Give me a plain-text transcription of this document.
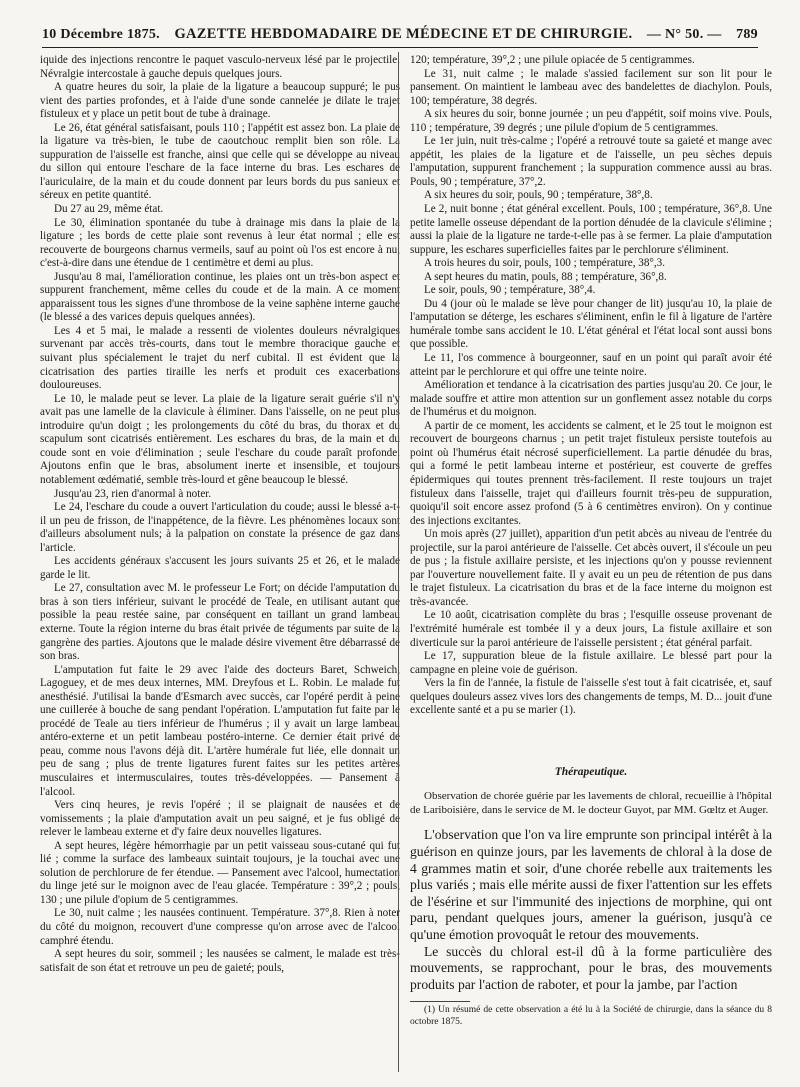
10 Décembre 1875. GAZETTE HEBDOMADAIRE DE MÉDECINE ET DE CHIRURGIE. — N° 50. — 789

iquide des injections rencontre le paquet vasculo-nerveux lésé par le projectile. Névralgie intercostale à gauche depuis quelques jours.

A quatre heures du soir, la plaie de la ligature a beaucoup suppuré; le pus vient des parties profondes, et à l'aide d'une sonde cannelée je dilate le trajet fistuleux et y place un petit bout de tube à drainage.

Le 26, état général satisfaisant, pouls 110 ; l'appétit est assez bon. La plaie de la ligature va très-bien, le tube de caoutchouc remplit bien son rôle. La suppuration de l'aisselle est franche, ainsi que celle qui se développe au niveau du sillon qui entoure l'eschare de la face interne du bras. Les eschares de l'auriculaire, de la main et du coude donnent par leurs bords du pus sanieux et séreux en petite quantité.

Du 27 au 29, même état.

Le 30, élimination spontanée du tube à drainage mis dans la plaie de la ligature ; les bords de cette plaie sont revenus à leur état normal ; elle est recouverte de bourgeons charnus vermeils, sauf au point où l'os est encore à nu, c'est-à-dire dans une étendue de 1 centimètre et demi au plus.

Jusqu'au 8 mai, l'amélioration continue, les plaies ont un très-bon aspect et suppurent franchement, même celles du coude et de la main. A ce moment apparaissent tous les signes d'une thrombose de la veine saphène interne gauche (le blessé a des varices depuis quelques années).

Les 4 et 5 mai, le malade a ressenti de violentes douleurs névralgiques survenant par accès très-courts, dans tout le membre thoracique gauche et suivant plus spécialement le trajet du nerf cubital. Il est évident que la cicatrisation des parties tiraille les nerfs et produit ces exacerbations douloureuses.

Le 10, le malade peut se lever. La plaie de la ligature serait guérie s'il n'y avait pas une lamelle de la clavicule à éliminer. Dans l'aisselle, on ne peut plus introduire qu'un doigt ; les prolongements du côté du bras, du thorax et du scapulum sont cicatrisés entièrement. Les eschares du bras, de la main et du coude sont en voie d'élimination ; seule l'eschare du coude paraît profonde. Ajoutons enfin que le bras, absolument inerte et insensible, et toujours notablement œdématié, semble très-lourd et gêne beaucoup le blessé.

Jusqu'au 23, rien d'anormal à noter.

Le 24, l'eschare du coude a ouvert l'articulation du coude; aussi le blessé a-t-il un peu de frisson, de l'inappétence, de la fièvre. Les phénomènes locaux sont d'ailleurs absolument nuls; à la palpation on constate la présence de gaz dans l'article.

Les accidents généraux s'accusent les jours suivants 25 et 26, et le malade garde le lit.

Le 27, consultation avec M. le professeur Le Fort; on décide l'amputation du bras à son tiers inférieur, suivant le procédé de Teale, en utilisant autant que possible la peau restée saine, par conséquent en taillant un grand lambeau externe. Toute la région interne du bras était privée de téguments par suite de la gangrène des parties. Ajoutons que le malade désire vivement être débarrassé de son bras.

L'amputation fut faite le 29 avec l'aide des docteurs Baret, Schweich, Lagoguey, et de mes deux internes, MM. Dreyfous et L. Robin. Le malade fut anesthésié. J'utilisai la bande d'Esmarch avec succès, car l'opéré perdit à peine une cuillerée à bouche de sang pendant l'opération. L'amputation fut faite par le procédé de Teale au tiers inférieur de l'humérus ; il y avait un large lambeau antéro-externe et un petit lambeau postéro-interne. Ce dernier était privé de peau, comme nous l'avons déjà dit. L'artère humérale fut liée, elle donnait un peu de sang ; plus de trente ligatures furent faites sur les petites artères musculaires et intermusculaires, toutes très-développées. — Pansement à l'alcool.

Vers cinq heures, je revis l'opéré ; il se plaignait de nausées et de vomissements ; la plaie d'amputation avait un peu saigné, et je fus obligé de relever le lambeau externe et d'y faire deux nouvelles ligatures.

A sept heures, légère hémorrhagie par un petit vaisseau sous-cutané qui fut lié ; comme la surface des lambeaux suintait toujours, je la touchai avec une solution de perchlorure de fer étendue. — Pansement avec l'alcool, humectation du linge jeté sur le moignon avec de l'eau glacée. Température : 39°,2 ; pouls, 130 ; une pilule d'opium de 5 centigrammes.

Le 30, nuit calme ; les nausées continuent. Température. 37°,8. Rien à noter du côté du moignon, recouvert d'une compresse qu'on arrose avec de l'alcool camphré étendu.

A sept heures du soir, sommeil ; les nausées se calment, le malade est très-satisfait de son état et retrouve un peu de gaieté; pouls,

120; température, 39°,2 ; une pilule opiacée de 5 centigrammes.

Le 31, nuit calme ; le malade s'assied facilement sur son lit pour le pansement. On maintient le lambeau avec des bandelettes de diachylon. Pouls, 100; température, 38 degrés.

A six heures du soir, bonne journée ; un peu d'appétit, soif moins vive. Pouls, 110 ; température, 39 degrés ; une pilule d'opium de 5 centigrammes.

Le 1er juin, nuit très-calme ; l'opéré a retrouvé toute sa gaieté et mange avec appétit, les plaies de la ligature et de l'aisselle, un peu sèches depuis l'amputation, suppurent franchement ; la suppuration commence aussi au bras. Pouls, 90 ; température, 37°,2.

A six heures du soir, pouls, 90 ; température, 38°,8.

Le 2, nuit bonne ; état général excellent. Pouls, 100 ; température, 36°,8. Une petite lamelle osseuse dépendant de la portion dénudée de la clavicule s'élimine ; aussi la plaie de la ligature ne tarde-t-elle pas à se fermer. La plaie d'amputation suppure, les eschares superficielles faites par le perchlorure s'éliminent.

A trois heures du soir, pouls, 100 ; température, 38°,3.

A sept heures du matin, pouls, 88 ; température, 36°,8.

Le soir, pouls, 90 ; température, 38°,4.

Du 4 (jour où le malade se lève pour changer de lit) jusqu'au 10, la plaie de l'amputation se déterge, les eschares s'éliminent, enfin le fil à ligature de l'artère humérale tombe sans accident le 10. L'état général et l'état local sont aussi bons que possible.

Le 11, l'os commence à bourgeonner, sauf en un point qui paraît avoir été atteint par le perchlorure et qui offre une teinte noire.

Amélioration et tendance à la cicatrisation des parties jusqu'au 20. Ce jour, le malade souffre et attire mon attention sur un gonflement assez notable du corps de l'humérus et du moignon.

A partir de ce moment, les accidents se calment, et le 25 tout le moignon est recouvert de bourgeons charnus ; un petit trajet fistuleux persiste toutefois au point où l'humérus était nécrosé superficiellement. La partie dénudée du bras, qui a formé le petit lambeau interne et postérieur, est couverte de greffes épidermiques qui toutes prennent très-facilement. Il reste toujours un trajet fistuleux dans l'aisselle, trajet qui d'ailleurs fournit très-peu de suppuration, quoiqu'il soit encore assez profond (5 à 6 centimètres environ). On y continue des injections excitantes.

Un mois après (27 juillet), apparition d'un petit abcès au niveau de l'entrée du projectile, sur la paroi antérieure de l'aisselle. Cet abcès ouvert, il s'écoule un peu de pus ; la fistule axillaire persiste, et les injections qu'on y pousse reviennent par l'ouverture nouvellement faite. Il y avait eu un peu de rétention de pus dans le trajet fistuleux. La cicatrisation du bras et de la face interne du moignon est très-avancée.

Le 10 août, cicatrisation complète du bras ; l'esquille osseuse provenant de l'extrémité humérale est tombée il y a deux jours, La fistule axillaire et son diverticule sur la paroi antérieure de l'aisselle persistent ; état général parfait.

Le 17, suppuration bleue de la fistule axillaire. Le blessé part pour la campagne en pleine voie de guérison.

Vers la fin de l'année, la fistule de l'aisselle s'est tout à fait cicatrisée, et, sauf quelques douleurs assez vives lors des changements de temps, M. D... jouit d'une excellente santé et a pu se marier (1).

Thérapeutique.

Observation de chorée guérie par les lavements de chloral, recueillie à l'hôpital de Lariboisière, dans le service de M. le docteur Guyot, par MM. Gœltz et Auger.

L'observation que l'on va lire emprunte son principal intérêt à la guérison en quinze jours, par les lavements de chloral à la dose de 4 grammes matin et soir, d'une chorée rebelle aux traitements les plus variés ; mais elle mérite aussi de fixer l'attention sur les effets de l'ésérine et sur l'immunité des injections de morphine, qui ont paru, pendant quelques jours, amener la guérison, jusqu'à ce qu'une émotion provoquât le retour des mouvements.

Le succès du chloral est-il dû à la forme particulière des mouvements, se rapprochant, pour le bras, des mouvements produits par l'action de raboter, et pour la jambe, par l'action

(1) Un résumé de cette observation a été lu à la Société de chirurgie, dans la séance du 8 octobre 1875.
